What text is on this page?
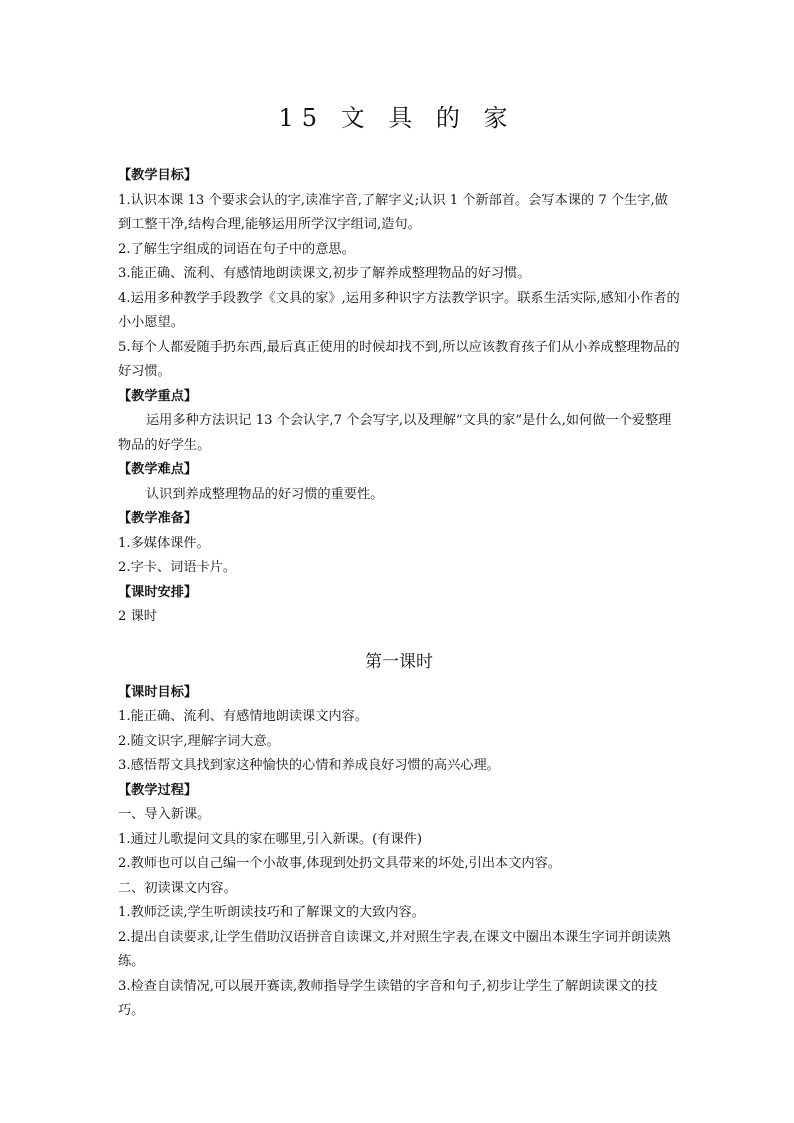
15 文 具 的 家

【教学目标】

1.认识本课 13 个要求会认的字,读准字音,了解字义;认识 1 个新部首。会写本课的 7 个生字,做到工整干净,结构合理,能够运用所学汉字组词,造句。

2.了解生字组成的词语在句子中的意思。

3.能正确、流利、有感情地朗读课文,初步了解养成整理物品的好习惯。

4.运用多种教学手段教学《文具的家》,运用多种识字方法教学识字。联系生活实际,感知小作者的小小愿望。

5.每个人都爱随手扔东西,最后真正使用的时候却找不到,所以应该教育孩子们从小养成整理物品的好习惯。

【教学重点】

运用多种方法识记 13 个会认字,7 个会写字,以及理解“文具的家”是什么,如何做一个爱整理物品的好学生。

【教学难点】

认识到养成整理物品的好习惯的重要性。

【教学准备】

1.多媒体课件。

2.字卡、词语卡片。

【课时安排】

2 课时

第一课时

【课时目标】

1.能正确、流利、有感情地朗读课文内容。

2.随文识字,理解字词大意。

3.感悟帮文具找到家这种愉快的心情和养成良好习惯的高兴心理。

【教学过程】

一、导入新课。

1.通过儿歌提问文具的家在哪里,引入新课。(有课件)

2.教师也可以自己编一个小故事,体现到处扔文具带来的坏处,引出本文内容。

二、初读课文内容。

1.教师泛读,学生听朗读技巧和了解课文的大致内容。

2.提出自读要求,让学生借助汉语拼音自读课文,并对照生字表,在课文中圈出本课生字词并朗读熟练。

3.检查自读情况,可以展开赛读,教师指导学生读错的字音和句子,初步让学生了解朗读课文的技巧。
